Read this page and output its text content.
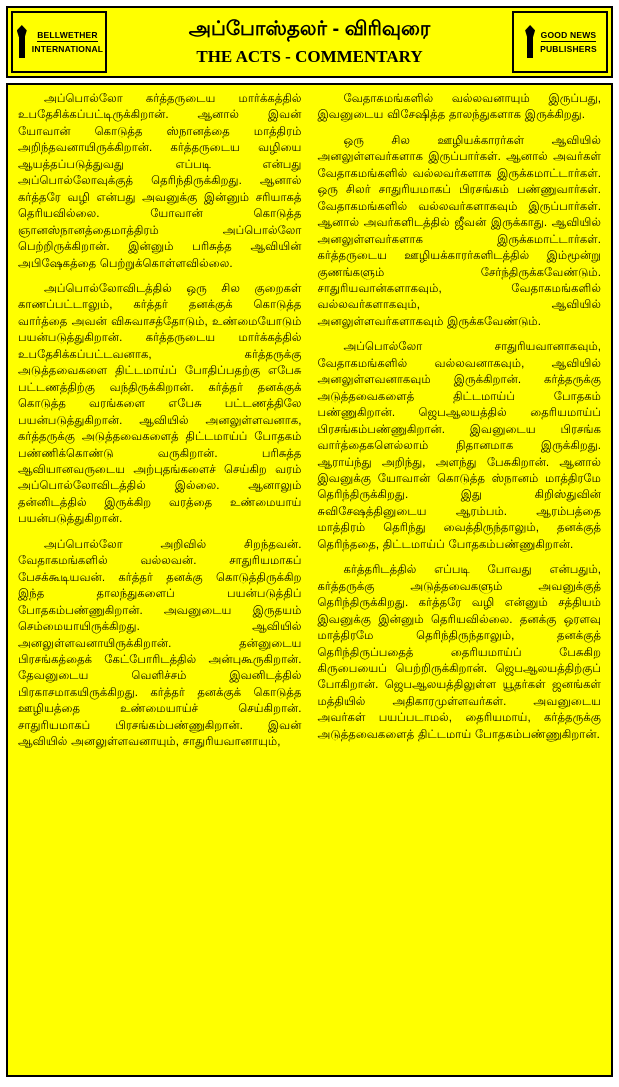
BELLWETHER
INTERNATIONAL
அப்போஸ்தலர் - விரிவுரை
THE ACTS - COMMENTARY
GOOD NEWS
PUBLISHERS

அப்பொல்லோ கர்த்தருடைய மார்க்கத்தில் உபதேசிக்கப்பட்டிருக்கிறான். ஆனால் இவன் யோவான் கொடுத்த ஸ்நானத்தை மாத்திரம் அறிந்தவனாயிருக்கிறான். கர்த்தருடைய வழியை ஆயத்தப்படுத்துவது எப்படி என்பது அப்பொல்லோவுக்குத் தெரிந்திருக்கிறது. ஆனால் கர்த்தரே வழி என்பது அவனுக்கு இன்னும் சரியாகத் தெரியவில்லை. யோவான் கொடுத்த ஞானஸ்நானத்தைமாத்திரம் அப்பொல்லோ பெற்றிருக்கிறான். இன்னும் பரிசுத்த ஆவியின் அபிஷேகத்தை பெற்றுக்கொள்ளவில்லை.

அப்பொல்லோவிடத்தில் ஒரு சில குறைகள் காணப்பட்டாலும், கர்த்தர் தனக்குக் கொடுத்த வார்த்தை அவன் விசுவாசத்தோடும், உண்மையோடும் பயன்படுத்துகிறான். கர்த்தருடைய மார்க்கத்தில் உபதேசிக்கப்பட்டவனாக, கர்த்தருக்கு அடுத்தவைகளை திட்டமாய்ப் போதிப்பதற்கு எபேசு பட்டணத்திற்கு வந்திருக்கிறான். கர்த்தர் தனக்குக் கொடுத்த வரங்களை எபேசு பட்டணத்திலே பயன்படுத்துகிறான். ஆவியில் அனலுள்ளவனாக, கர்த்தருக்கு அடுத்தவைகளைத் திட்டமாய்ப் போதகம் பண்ணிக்கொண்டு வருகிறான். பரிசுத்த ஆவியானவருடைய அற்புதங்களைச் செய்கிற வரம் அப்பொல்லோவிடத்தில் இல்லை. ஆனாலும் தன்னிடத்தில் இருக்கிற வரத்தை உண்மையாய் பயன்படுத்துகிறான்.

அப்பொல்லோ அறிவில் சிறந்தவன். வேதாகமங்களில் வல்லவன். சாதுரியமாகப் பேசக்கூடியவன். கர்த்தர் தனக்கு கொடுத்திருக்கிற இந்த தாலந்துகளைப் பயன்படுத்திப் போதகம்பண்ணுகிறான். அவனுடைய இருதயம் செம்மையாயிருக்கிறது. ஆவியில் அனலுள்ளவனாயிருக்கிறான். தன்னுடைய பிரசங்கத்தைக் கேட்போரிடத்தில் அன்புகூருகிறான். தேவனுடைய வெளிச்சம் இவனிடத்தில் பிரகாசமாகயிருக்கிறது. கர்த்தர் தனக்குக் கொடுத்த ஊழியத்தை உண்மையாய்ச் செய்கிறான். சாதுரியமாகப் பிரசங்கம்பண்ணுகிறான். இவன் ஆவியில் அனலுள்ளவனாயும், சாதுரியவானாயும்,

வேதாகமங்களில் வல்லவனாயும் இருப்பது, இவனுடைய விசேஷித்த தாலந்துகளாக இருக்கிறது.

ஒரு சில ஊழியக்காரர்கள் ஆவியில் அனலுள்ளவர்களாக இருப்பார்கள். ஆனால் அவர்கள் வேதாகமங்களில் வல்லவர்களாக இருக்கமாட்டார்கள். ஒரு சிலர் சாதுரியமாகப் பிரசங்கம் பண்ணுவார்கள். வேதாகமங்களில் வல்லவர்களாகவும் இருப்பார்கள். ஆனால் அவர்களிடத்தில் ஜீவன் இருக்காது. ஆவியில் அனலுள்ளவர்களாக இருக்கமாட்டார்கள். கர்த்தருடைய ஊழியக்காரர்களிடத்தில் இம்மூன்று குணங்களும் சேர்ந்திருக்கவேண்டும். சாதுரியவான்களாகவும், வேதாகமங்களில் வல்லவர்களாகவும், ஆவியில் அனலுள்ளவர்களாகவும் இருக்கவேண்டும்.

அப்பொல்லோ சாதுரியவானாகவும், வேதாகமங்களில் வல்லவனாகவும், ஆவியில் அனலுள்ளவனாகவும் இருக்கிறான். கர்த்தருக்கு அடுத்தவைகளைத் திட்டமாய்ப் போதகம் பண்ணுகிறான். ஜெபஆலயத்தில் தைரியமாய்ப் பிரசங்கம்பண்ணுகிறான். இவனுடைய பிரசங்க வார்த்தைகளெல்லாம் நிதானமாக இருக்கிறது. ஆராய்ந்து அறிந்து, அளந்து பேசுகிறான். ஆனால் இவனுக்கு யோவான் கொடுத்த ஸ்நானம் மாத்திரமே தெரிந்திருக்கிறது. இது கிறிஸ்துவின் சுவிசேஷத்தினுடைய ஆரம்பம். ஆரம்பத்தை மாத்திரம் தெரிந்து வைத்திருந்தாலும், தனக்குத் தெரிந்ததை, திட்டமாய்ப் போதகம்பண்ணுகிறான்.

கர்த்தரிடத்தில் எப்படி போவது என்பதும், கர்த்தருக்கு அடுத்தவைகளும் அவனுக்குத் தெரிந்திருக்கிறது. கர்த்தரே வழி என்னும் சத்தியம் இவனுக்கு இன்னும் தெரியவில்லை. தனக்கு ஒரளவு மாத்திரமே தெரிந்திருந்தாலும், தனக்குத் தெரிந்திருப்பதைத் தைரியமாய்ப் பேசுகிற கிருபையைப் பெற்றிருக்கிறான். ஜெபஆலயத்திற்குப் போகிறான். ஜெபஆலயத்திலுள்ள யூதர்கள் ஜனங்கள் மத்தியில் அதிகாரமுள்ளவர்கள். அவனுடைய அவர்கள் பயப்படாமல், தைரியமாய், கர்த்தருக்கு அடுத்தவைகளைத் திட்டமாய் போதகம்பண்ணுகிறான்.
